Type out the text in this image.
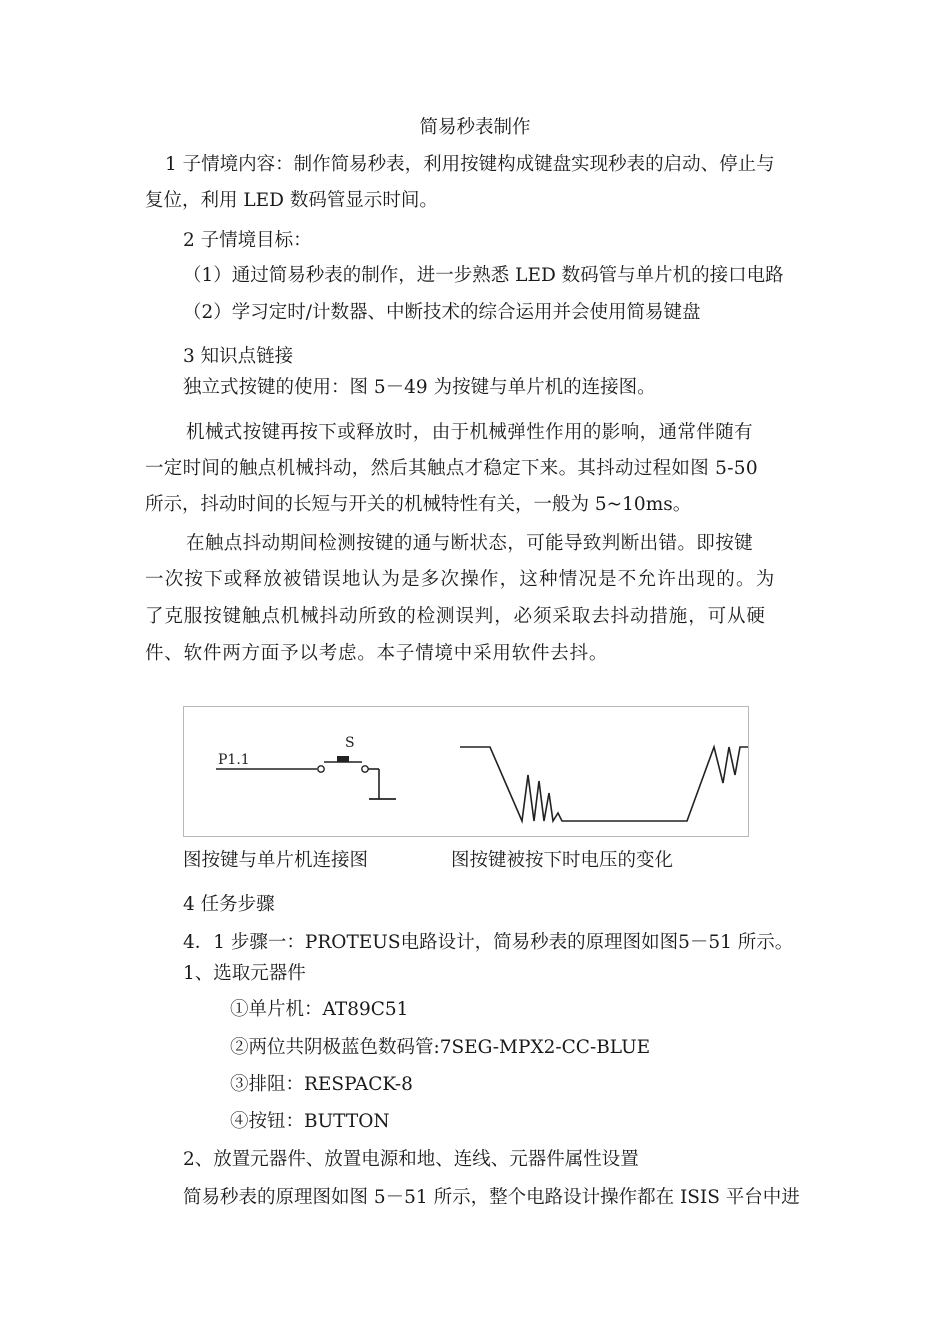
简易秒表制作
1 子情境内容：制作简易秒表，利用按键构成键盘实现秒表的启动、停止与
复位，利用 LED 数码管显示时间。
2 子情境目标：
（1）通过简易秒表的制作，进一步熟悉 LED 数码管与单片机的接口电路
（2）学习定时/计数器、中断技术的综合运用并会使用简易键盘
3 知识点链接
独立式按键的使用：图 5－49 为按键与单片机的连接图。
机械式按键再按下或释放时，由于机械弹性作用的影响，通常伴随有
一定时间的触点机械抖动，然后其触点才稳定下来。其抖动过程如图 5-50
所示，抖动时间的长短与开关的机械特性有关，一般为 5~10ms。
在触点抖动期间检测按键的通与断状态，可能导致判断出错。即按键
一次按下或释放被错误地认为是多次操作，这种情况是不允许出现的。为
了克服按键触点机械抖动所致的检测误判，必须采取去抖动措施，可从硬
件、软件两方面予以考虑。本子情境中采用软件去抖。
P1.1
S
图按键与单片机连接图	图按键被按下时电压的变化
4 任务步骤
4．1 步骤一：PROTEUS电路设计，简易秒表的原理图如图5－51 所示。
1、选取元器件
①单片机：AT89C51
②两位共阴极蓝色数码管:7SEG-MPX2-CC-BLUE
③排阻：RESPACK-8
④按钮：BUTTON
2、放置元器件、放置电源和地、连线、元器件属性设置
简易秒表的原理图如图 5－51 所示，整个电路设计操作都在 ISIS 平台中进
